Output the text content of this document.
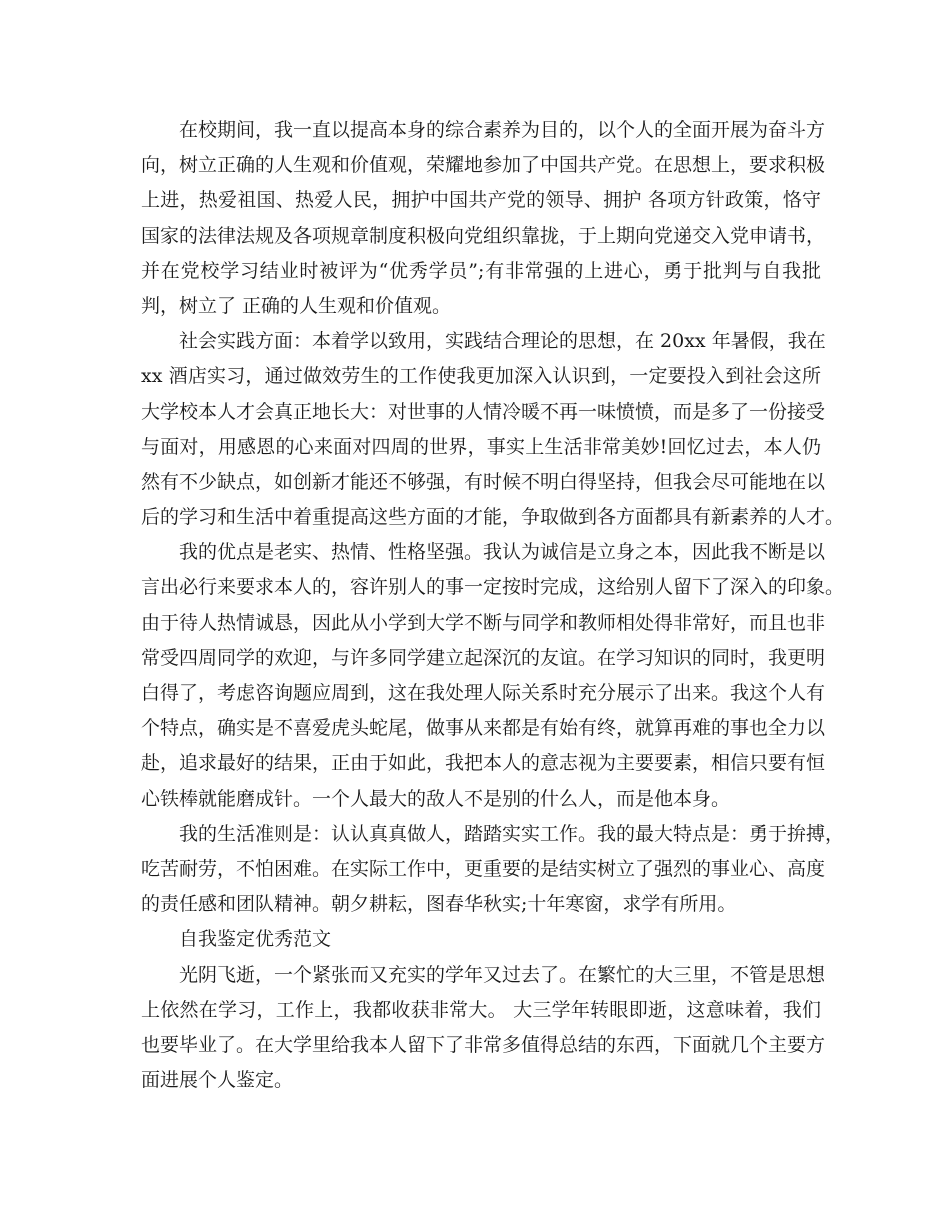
在校期间，我一直以提高本身的综合素养为目的，以个人的全面开展为奋斗方
向，树立正确的人生观和价值观，荣耀地参加了中国共产党。在思想上，要求积极
上进，热爱祖国、热爱人民，拥护中国共产党的领导、拥护 各项方针政策，恪守
国家的法律法规及各项规章制度积极向党组织靠拢，于上期向党递交入党申请书，
并在党校学习结业时被评为“优秀学员”;有非常强的上进心，勇于批判与自我批
判，树立了 正确的人生观和价值观。
社会实践方面：本着学以致用，实践结合理论的思想，在 20xx 年暑假，我在
xx 酒店实习，通过做效劳生的工作使我更加深入认识到，一定要投入到社会这所
大学校本人才会真正地长大：对世事的人情冷暖不再一味愤愤，而是多了一份接受
与面对，用感恩的心来面对四周的世界，事实上生活非常美妙!回忆过去，本人仍
然有不少缺点，如创新才能还不够强，有时候不明白得坚持，但我会尽可能地在以
后的学习和生活中着重提高这些方面的才能，争取做到各方面都具有新素养的人才。
我的优点是老实、热情、性格坚强。我认为诚信是立身之本，因此我不断是以
言出必行来要求本人的，容许别人的事一定按时完成，这给别人留下了深入的印象。
由于待人热情诚恳，因此从小学到大学不断与同学和教师相处得非常好，而且也非
常受四周同学的欢迎，与许多同学建立起深沉的友谊。在学习知识的同时，我更明
白得了，考虑咨询题应周到，这在我处理人际关系时充分展示了出来。我这个人有
个特点，确实是不喜爱虎头蛇尾，做事从来都是有始有终，就算再难的事也全力以
赴，追求最好的结果，正由于如此，我把本人的意志视为主要要素，相信只要有恒
心铁棒就能磨成针。一个人最大的敌人不是别的什么人，而是他本身。
我的生活准则是：认认真真做人，踏踏实实工作。我的最大特点是：勇于拚搏，
吃苦耐劳，不怕困难。在实际工作中，更重要的是结实树立了强烈的事业心、高度
的责任感和团队精神。朝夕耕耘，图春华秋实;十年寒窗，求学有所用。
自我鉴定优秀范文
光阴飞逝，一个紧张而又充实的学年又过去了。在繁忙的大三里，不管是思想
上依然在学习，工作上，我都收获非常大。 大三学年转眼即逝，这意味着，我们
也要毕业了。在大学里给我本人留下了非常多值得总结的东西，下面就几个主要方
面进展个人鉴定。
